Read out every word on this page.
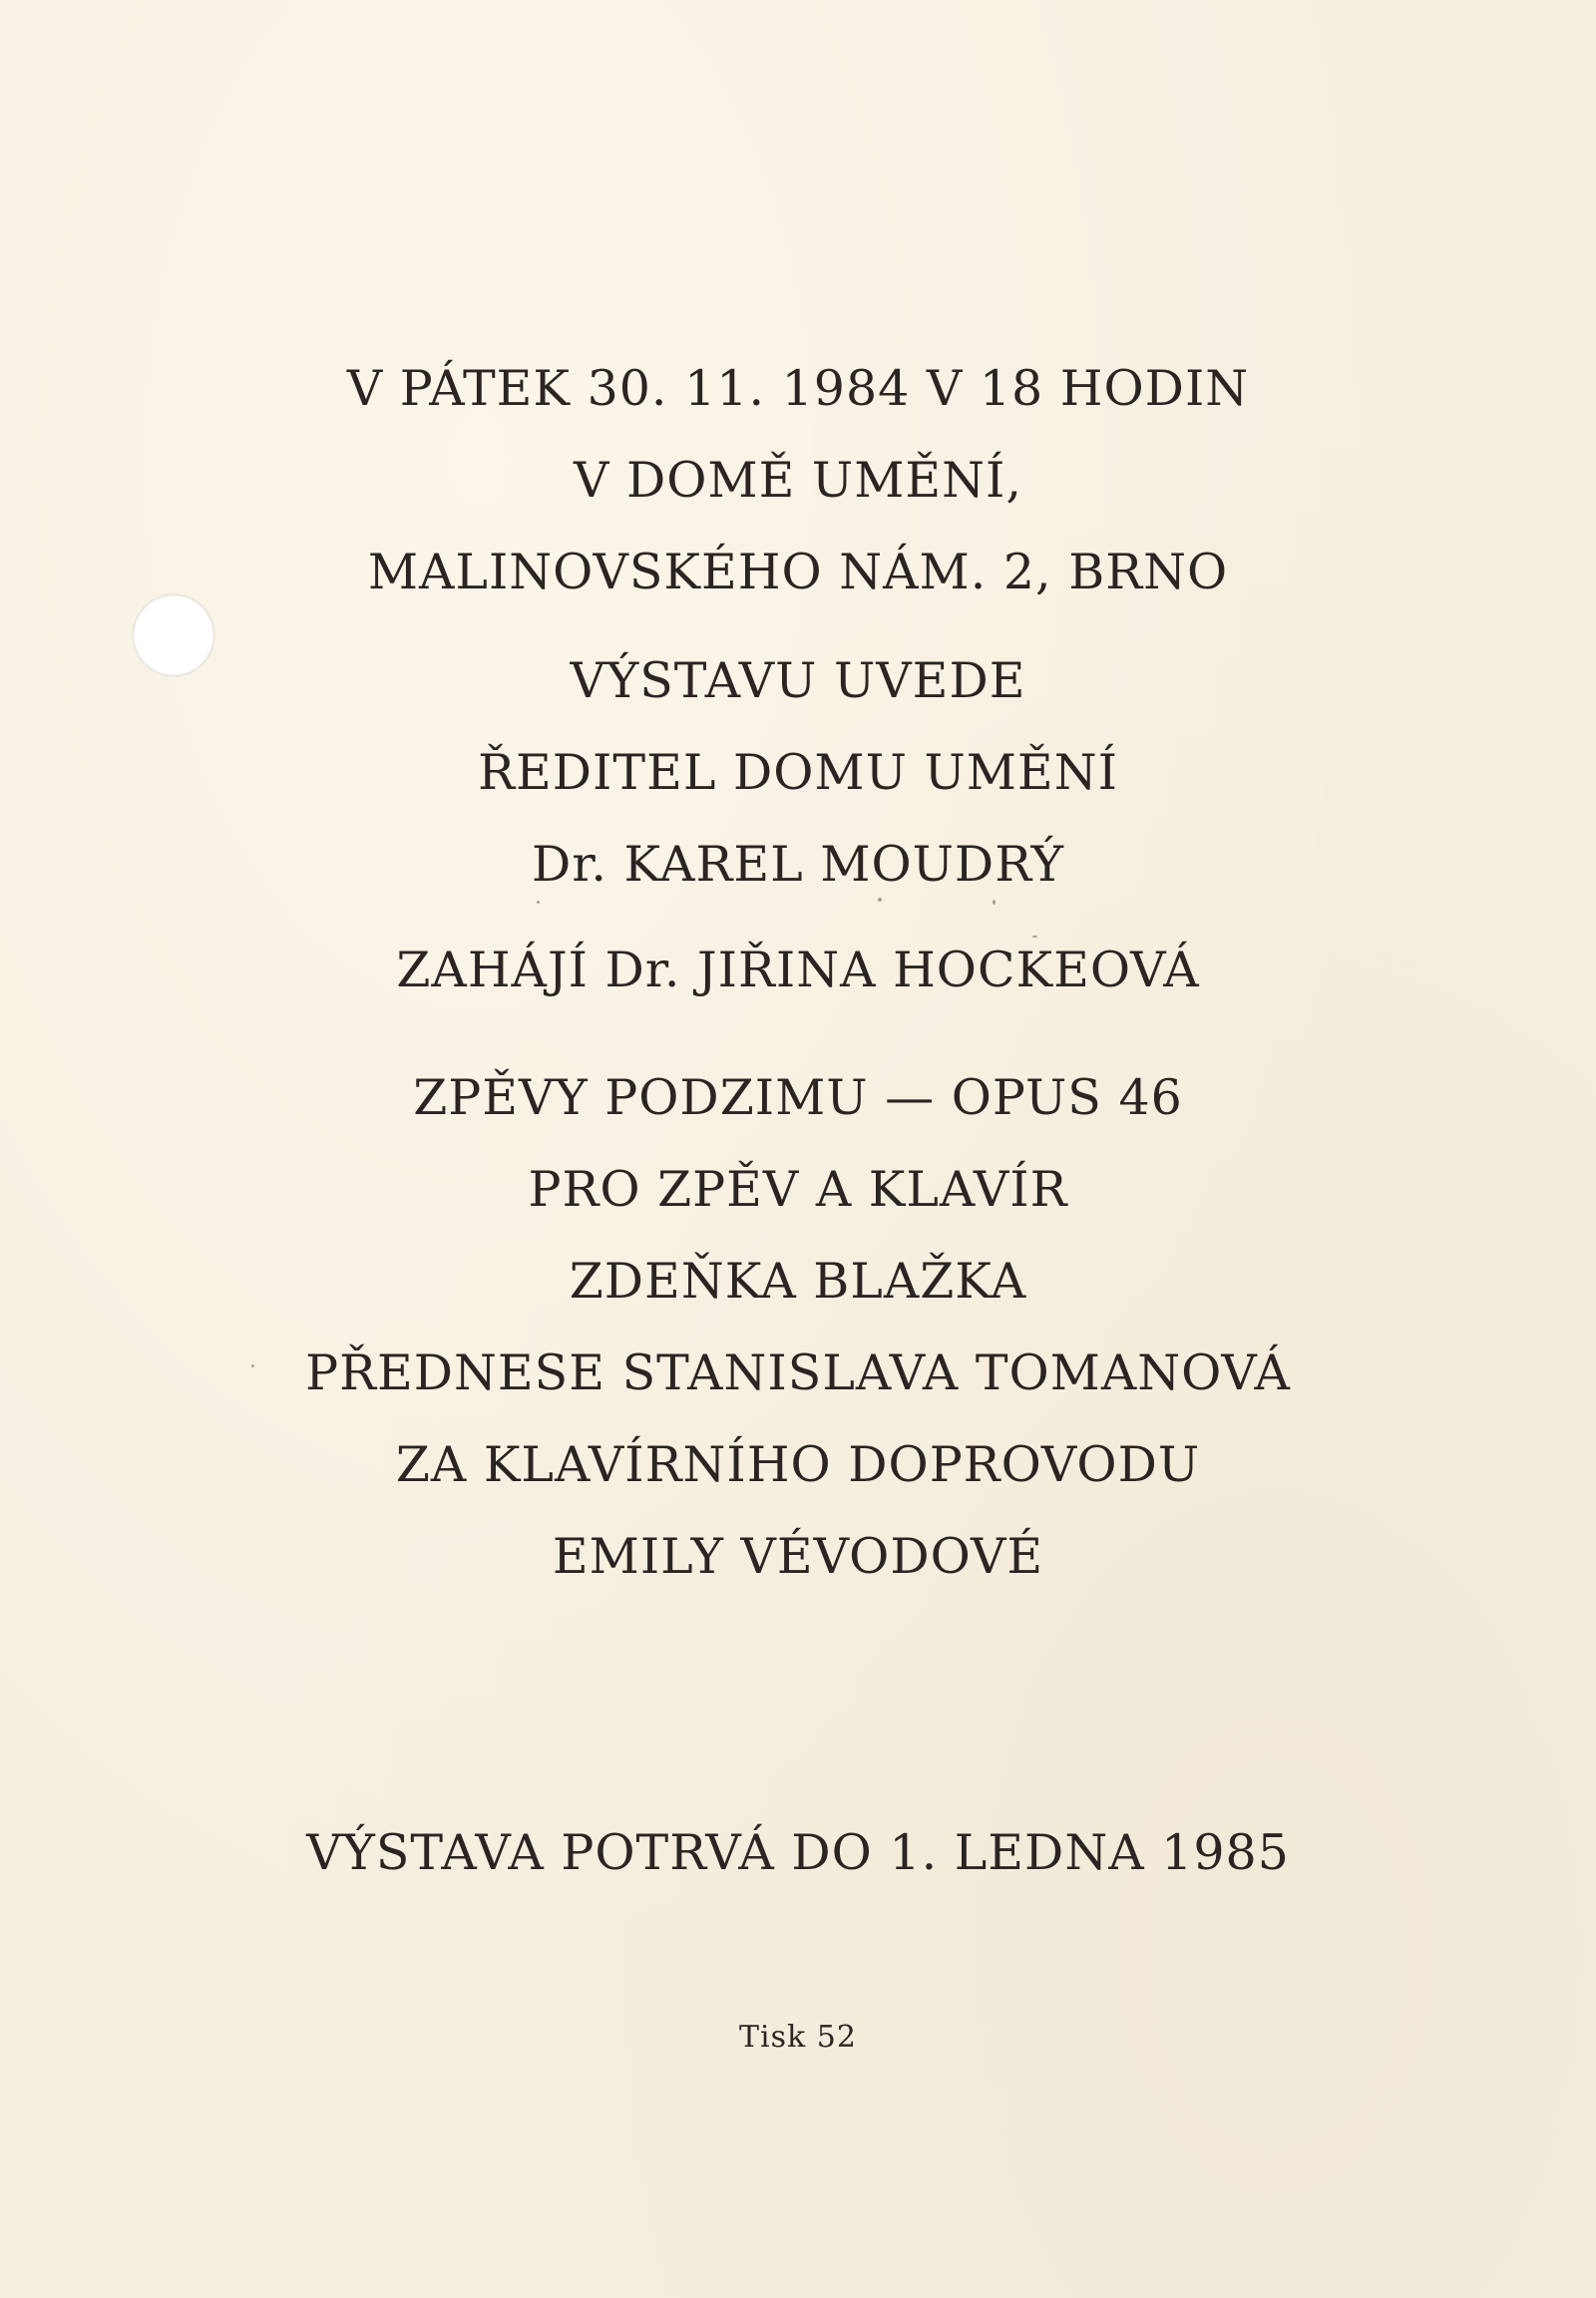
V PÁTEK 30. 11. 1984 V 18 HODIN
V DOMĚ UMĚNÍ,
MALINOVSKÉHO NÁM. 2, BRNO
VÝSTAVU UVEDE
ŘEDITEL DOMU UMĚNÍ
Dr. KAREL MOUDRÝ
ZAHÁJÍ Dr. JIŘINA HOCKEOVÁ
ZPĚVY PODZIMU — OPUS 46
PRO ZPĚV A KLAVÍR
ZDEŇKA BLAŽKA
PŘEDNESE STANISLAVA TOMANOVÁ
ZA KLAVÍRNÍHO DOPROVODU
EMILY VÉVODOVÉ
VÝSTAVA POTRVÁ DO 1. LEDNA 1985
Tisk 52
